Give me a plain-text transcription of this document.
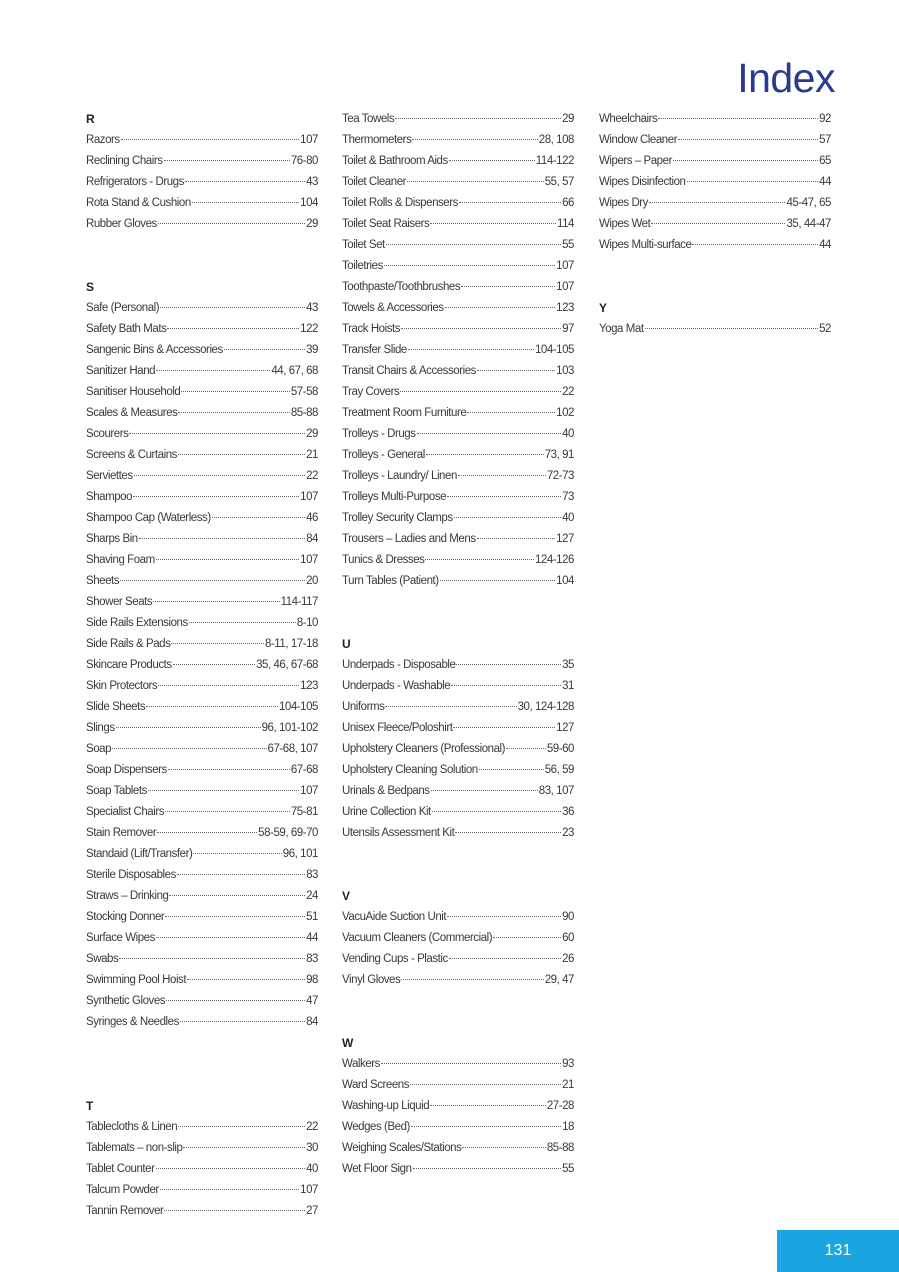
Index
R
Razors	107
Reclining Chairs	76-80
Refrigerators - Drugs	43
Rota Stand & Cushion	104
Rubber Gloves	29
S
Safe (Personal)	43
Safety Bath Mats	122
Sangenic Bins & Accessories	39
Sanitizer Hand	44, 67, 68
Sanitiser Household	57-58
Scales & Measures	85-88
Scourers	29
Screens & Curtains	21
Serviettes	22
Shampoo	107
Shampoo Cap (Waterless)	46
Sharps Bin	84
Shaving Foam	107
Sheets	20
Shower Seats	114-117
Side Rails Extensions	8-10
Side Rails & Pads	8-11, 17-18
Skincare Products	35, 46, 67-68
Skin Protectors	123
Slide Sheets	104-105
Slings	96, 101-102
Soap	67-68, 107
Soap Dispensers	67-68
Soap Tablets	107
Specialist Chairs	75-81
Stain Remover	58-59, 69-70
Standaid (Lift/Transfer)	96, 101
Sterile Disposables	83
Straws – Drinking	24
Stocking Donner	51
Surface Wipes	44
Swabs	83
Swimming Pool Hoist	98
Synthetic Gloves	47
Syringes & Needles	84
T
Tablecloths & Linen	22
Tablemats – non-slip	30
Tablet Counter	40
Talcum Powder	107
Tannin Remover	27
Tea Towels	29
Thermometers	28, 108
Toilet & Bathroom Aids	114-122
Toilet Cleaner	55, 57
Toilet Rolls & Dispensers	66
Toilet Seat Raisers	114
Toilet Set	55
Toiletries	107
Toothpaste/Toothbrushes	107
Towels & Accessories	123
Track Hoists	97
Transfer Slide	104-105
Transit Chairs & Accessories	103
Tray Covers	22
Treatment Room Furniture	102
Trolleys - Drugs	40
Trolleys - General	73, 91
Trolleys - Laundry/ Linen	72-73
Trolleys Multi-Purpose	73
Trolley Security Clamps	40
Trousers – Ladies and Mens	127
Tunics & Dresses	124-126
Turn Tables (Patient)	104
U
Underpads - Disposable	35
Underpads - Washable	31
Uniforms	30, 124-128
Unisex Fleece/Poloshirt	127
Upholstery Cleaners (Professional)	59-60
Upholstery Cleaning Solution	56, 59
Urinals & Bedpans	83, 107
Urine Collection Kit	36
Utensils Assessment Kit	23
V
VacuAide Suction Unit	90
Vacuum Cleaners (Commercial)	60
Vending Cups - Plastic	26
Vinyl Gloves	29, 47
W
Walkers	93
Ward Screens	21
Washing-up Liquid	27-28
Wedges (Bed)	18
Weighing Scales/Stations	85-88
Wet Floor Sign	55
Wheelchairs	92
Window Cleaner	57
Wipers – Paper	65
Wipes Disinfection	44
Wipes Dry	45-47, 65
Wipes Wet	35, 44-47
Wipes Multi-surface	44
Y
Yoga Mat	52
131
